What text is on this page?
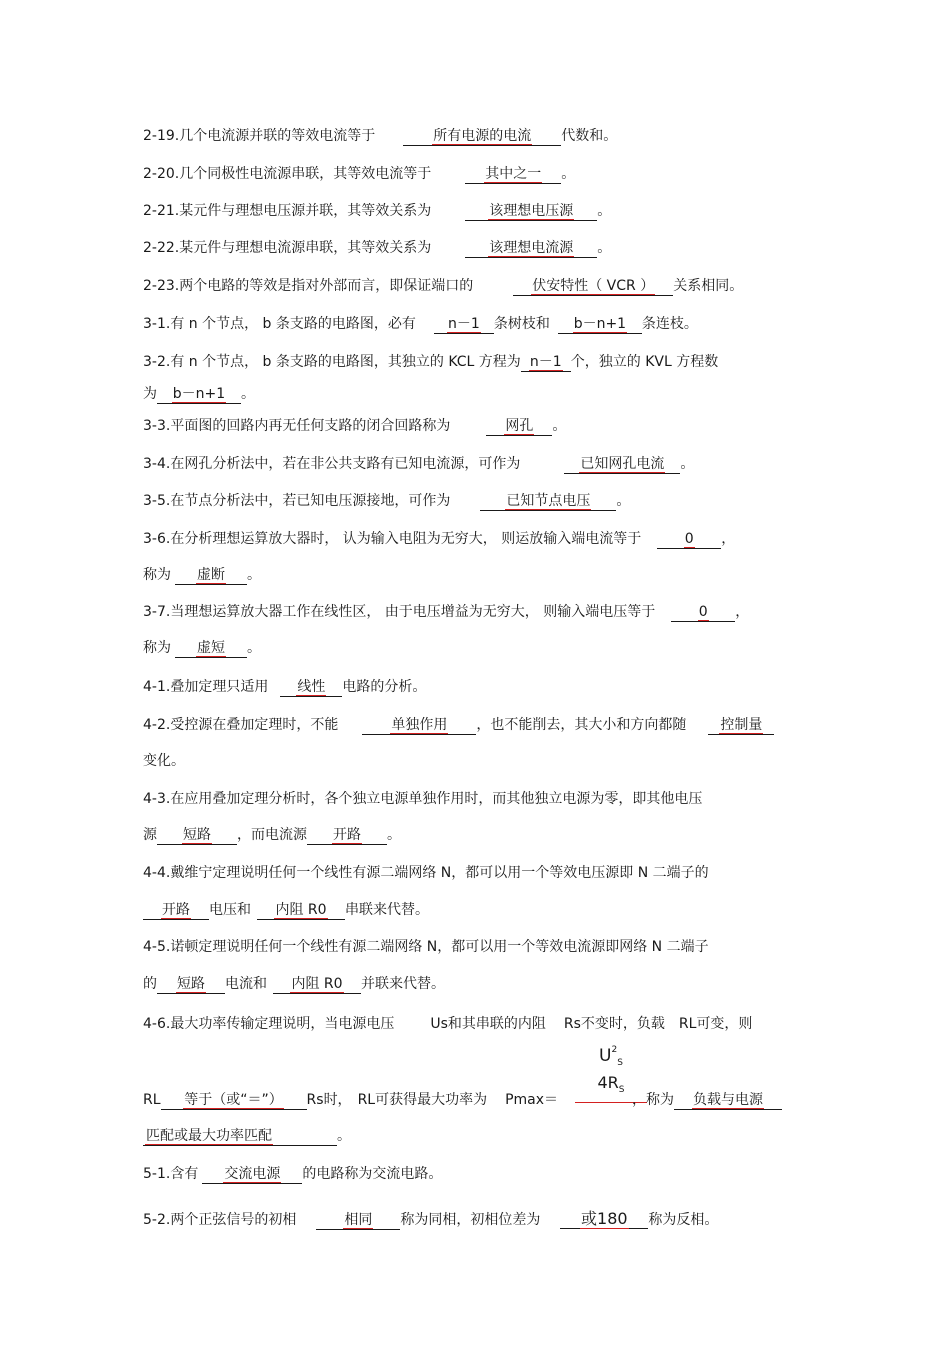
2-19.几个电流源并联的等效电流等于	所有电源的电流 代数和。
2-20.几个同极性电流源串联，其等效电流等于	其中之一 。
2-21.某元件与理想电压源并联，其等效关系为	该理想电压源 。
2-22.某元件与理想电流源串联，其等效关系为	该理想电流源 。
2-23.两个电路的等效是指对外部而言，即保证端口的	伏安特性（ VCR ） 关系相同。
3-1.有 n 个节点， b 条支路的电路图，必有 n－1 条树枝和 b－n+1 条连枝。
3-2.有 n 个节点， b 条支路的电路图，其独立的 KCL 方程为 n－1 个，独立的 KVL 方程数
为 b－n+1 。
3-3.平面图的回路内再无任何支路的闭合回路称为	网孔 。
3-4.在网孔分析法中，若在非公共支路有已知电流源，可作为	已知网孔电流 。
3-5.在节点分析法中，若已知电压源接地，可作为	已知节点电压 。
3-6.在分析理想运算放大器时， 认为输入电阻为无穷大， 则运放输入端电流等于	0 ，
称为 虚断 。
3-7.当理想运算放大器工作在线性区， 由于电压增益为无穷大， 则输入端电压等于	0 ，
称为 虚短 。
4-1.叠加定理只适用 线性 电路的分析。
4-2.受控源在叠加定理时，不能	单独作用 ，也不能削去，其大小和方向都随 控制量
变化。
4-3.在应用叠加定理分析时，各个独立电源单独作用时，而其他独立电源为零，即其他电压
源 短路 ，而电流源 开路 。
4-4.戴维宁定理说明任何一个线性有源二端网络 N，都可以用一个等效电压源即 N 二端子的
开路 电压和 内阻 R0 串联来代替。
4-5.诺顿定理说明任何一个线性有源二端网络 N，都可以用一个等效电流源即网络 N 二端子
的 短路 电流和 内阻 R0 并联来代替。
4-6.最大功率传输定理说明，当电源电压	Us和其串联的内阻 Rs不变时，负载 RL可变，则
$U^2_S$
$4R_S$
RL 等于（或“＝”） Rs时， RL可获得最大功率为 Pmax＝	，称为 负载与电源
匹配或最大功率匹配	。
5-1.含有 交流电源 的电路称为交流电路。
5-2.两个正弦信号的初相	相同 称为同相，初相位差为	或180 称为反相。
